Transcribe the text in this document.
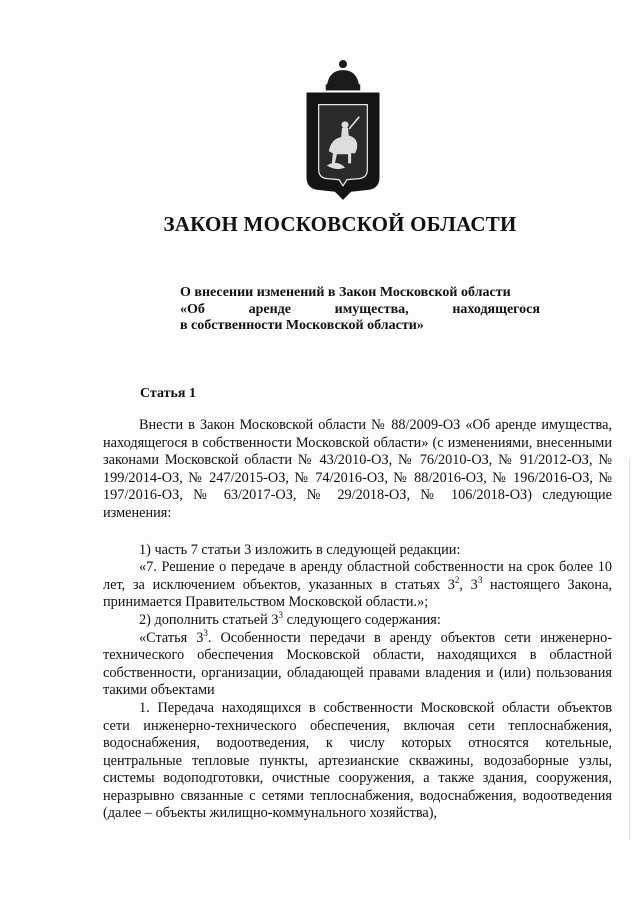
ЗАКОН МОСКОВСКОЙ ОБЛАСТИ
О внесении изменений в Закон Московской области
«Об	аренде	имущества,	находящегося
в собственности Московской области»
Статья 1

Внести в Закон Московской области № 88/2009-ОЗ «Об аренде имущества, находящегося в собственности Московской области» (с изменениями, внесенными законами Московской области № 43/2010-ОЗ, № 76/2010-ОЗ, № 91/2012-ОЗ, № 199/2014-ОЗ, № 247/2015-ОЗ, № 74/2016-ОЗ, № 88/2016-ОЗ, № 196/2016-ОЗ, № 197/2016-ОЗ, № 63/2017-ОЗ, № 29/2018-ОЗ, № 106/2018-ОЗ) следующие изменения:

1) часть 7 статьи 3 изложить в следующей редакции:

«7. Решение о передаче в аренду областной собственности на срок более 10 лет, за исключением объектов, указанных в статьях $3^2$, $3^3$ настоящего Закона, принимается Правительством Московской области.»;

2) дополнить статьей $3^3$ следующего содержания:

«Статья $3^3$. Особенности передачи в аренду объектов сети инженерно-технического обеспечения Московской области, находящихся в областной собственности, организации, обладающей правами владения и (или) пользования такими объектами

1. Передача находящихся в собственности Московской области объектов сети инженерно-технического обеспечения, включая сети теплоснабжения, водоснабжения, водоотведения, к числу которых относятся котельные, центральные тепловые пункты, артезианские скважины, водозаборные узлы, системы водоподготовки, очистные сооружения, а также здания, сооружения, неразрывно связанные с сетями теплоснабжения, водоснабжения, водоотведения (далее – объекты жилищно-коммунального хозяйства),
